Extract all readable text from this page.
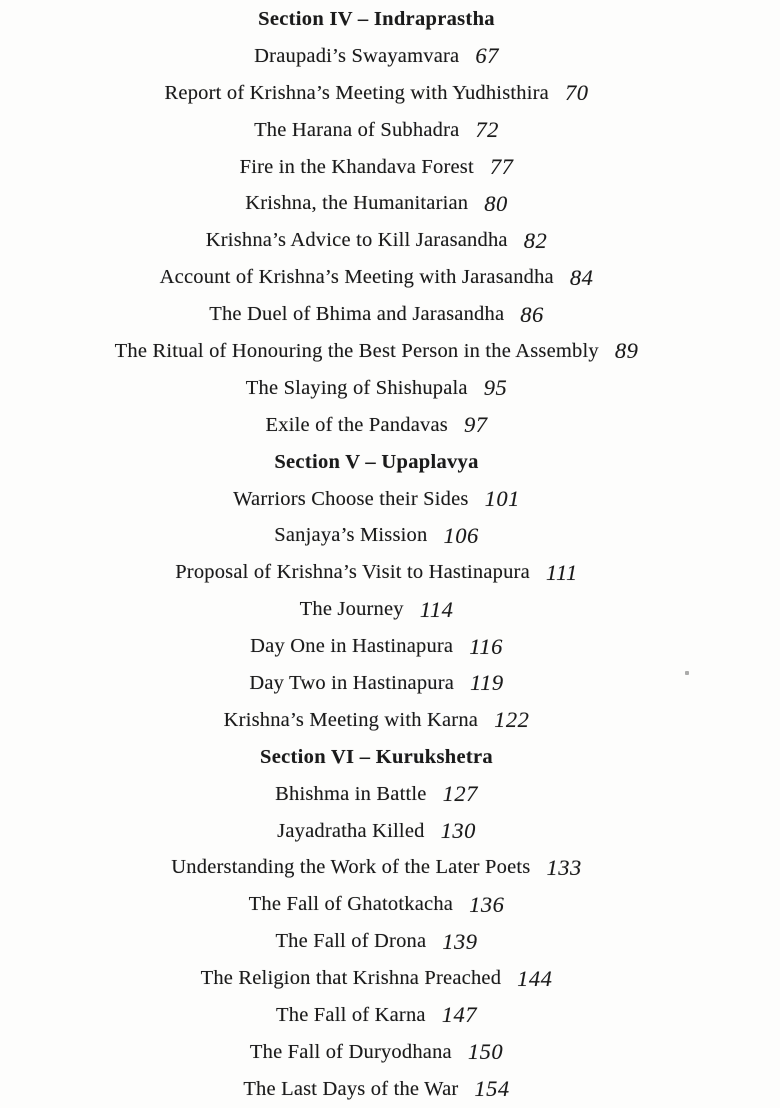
Section IV – Indraprastha
Draupadi’s Swayamvara 67
Report of Krishna’s Meeting with Yudhisthira 70
The Harana of Subhadra 72
Fire in the Khandava Forest 77
Krishna, the Humanitarian 80
Krishna’s Advice to Kill Jarasandha 82
Account of Krishna’s Meeting with Jarasandha 84
The Duel of Bhima and Jarasandha 86
The Ritual of Honouring the Best Person in the Assembly 89
The Slaying of Shishupala 95
Exile of the Pandavas 97
Section V – Upaplavya
Warriors Choose their Sides 101
Sanjaya’s Mission 106
Proposal of Krishna’s Visit to Hastinapura 111
The Journey 114
Day One in Hastinapura 116
Day Two in Hastinapura 119
Krishna’s Meeting with Karna 122
Section VI – Kurukshetra
Bhishma in Battle 127
Jayadratha Killed 130
Understanding the Work of the Later Poets 133
The Fall of Ghatotkacha 136
The Fall of Drona 139
The Religion that Krishna Preached 144
The Fall of Karna 147
The Fall of Duryodhana 150
The Last Days of the War 154
